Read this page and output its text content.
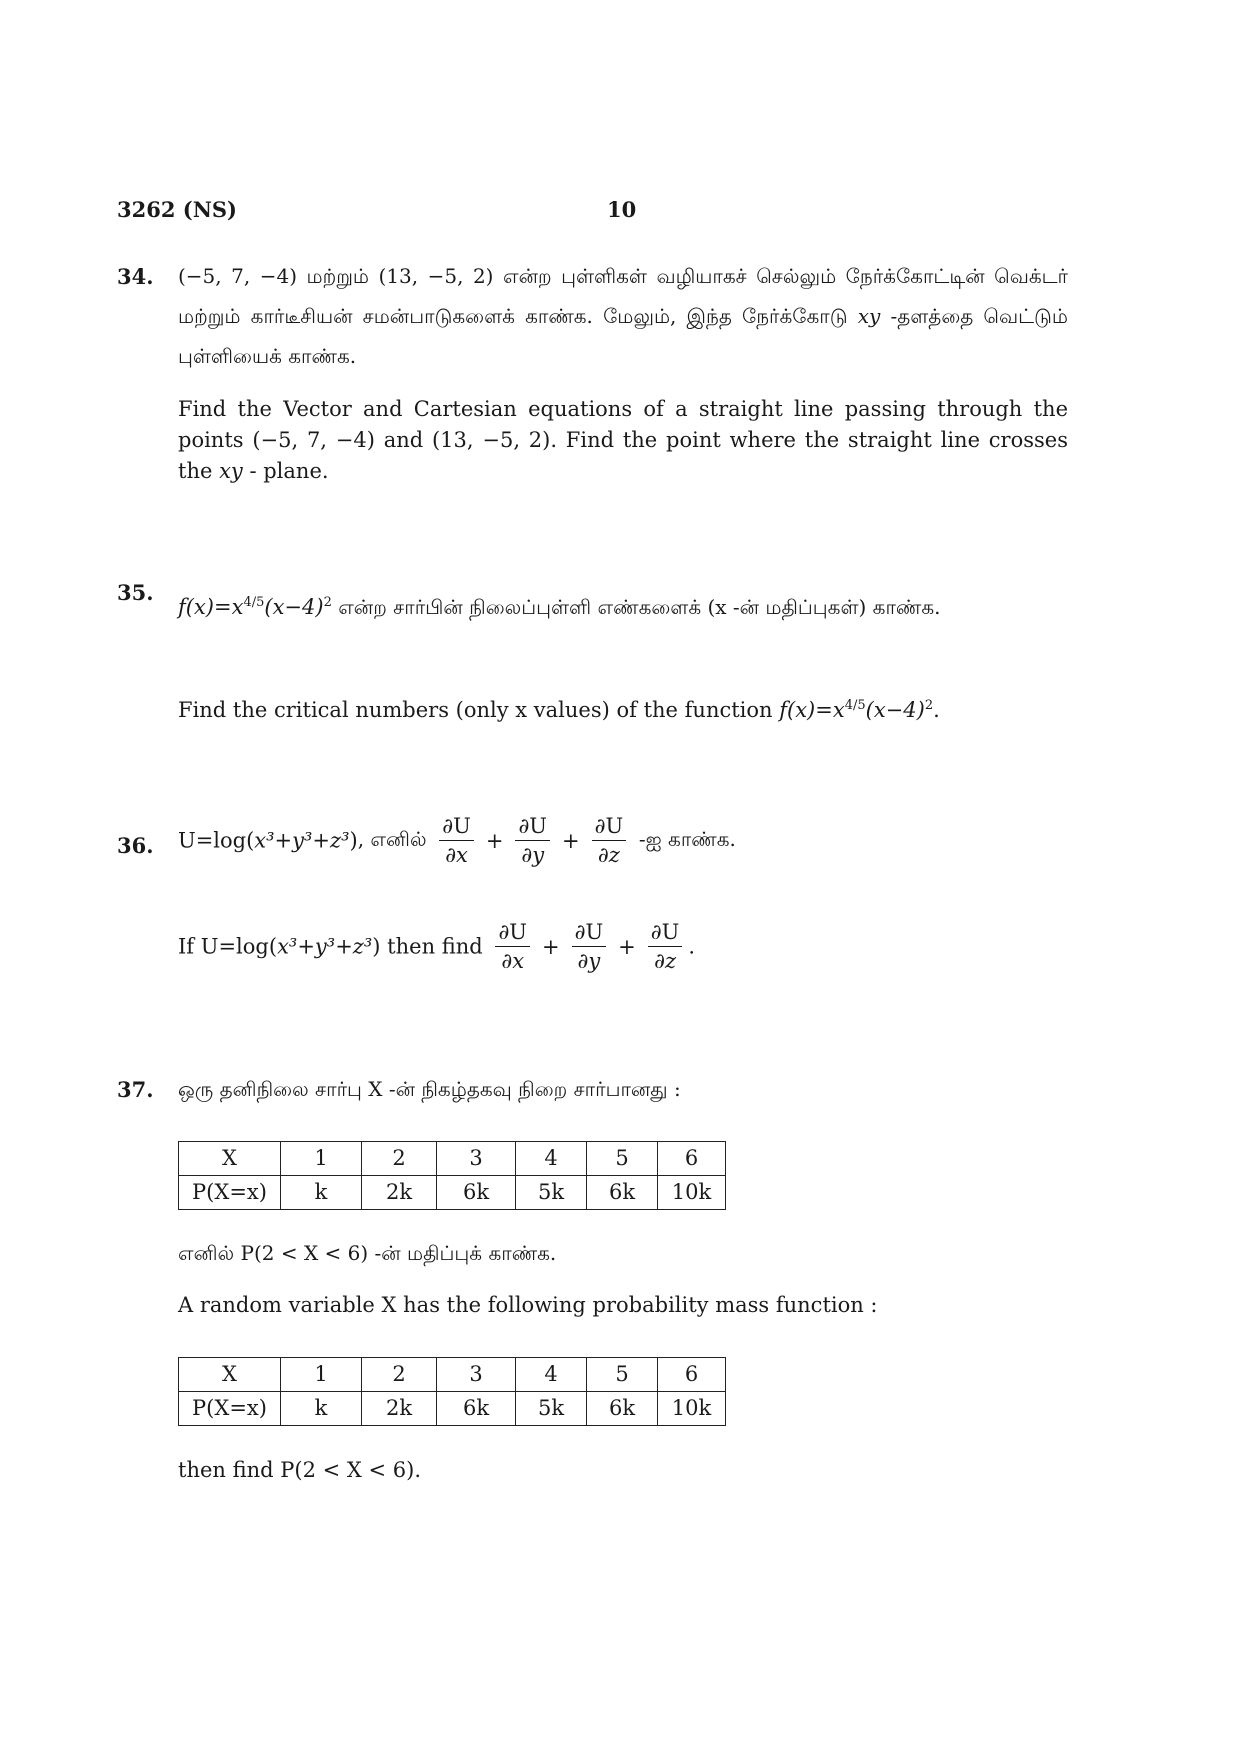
3262 (NS)	10
34. (−5, 7, −4) மற்றும் (13, −5, 2) என்ற புள்ளிகள் வழியாகச் செல்லும் நேர்க்கோட்டின் வெக்டர் மற்றும் கார்டீசியன் சமன்பாடுகளைக் காண்க. மேலும், இந்த நேர்க்கோடு xy -தளத்தை வெட்டும் புள்ளியைக் காண்க.
Find the Vector and Cartesian equations of a straight line passing through the points (−5, 7, −4) and (13, −5, 2). Find the point where the straight line crosses the xy - plane.
35.
$f(x)=x^{4/5}(x-4)^2$ என்ற சார்பின் நிலைப்புள்ளி எண்களைக் (x -ன் மதிப்புகள்) காண்க.
Find the critical numbers (only x values) of the function $f(x)=x^{4/5}(x-4)^2$.
36. U=log(x³+y³+z³), எனில் $\frac{\partial U}{\partial x} + \frac{\partial U}{\partial y} + \frac{\partial U}{\partial z}$ -ஐ காண்க.
If U=log(x³+y³+z³) then find $\frac{\partial U}{\partial x} + \frac{\partial U}{\partial y} + \frac{\partial U}{\partial z}$ .
37. ஒரு தனிநிலை சார்பு X -ன் நிகழ்தகவு நிறை சார்பானது :
X	1	2	3	4	5	6
P(X=x)	k	2k	6k	5k	6k	10k
எனில் P(2 < X < 6) -ன் மதிப்புக் காண்க.
A random variable X has the following probability mass function :
X	1	2	3	4	5	6
P(X=x)	k	2k	6k	5k	6k	10k
then find P(2 < X < 6).
